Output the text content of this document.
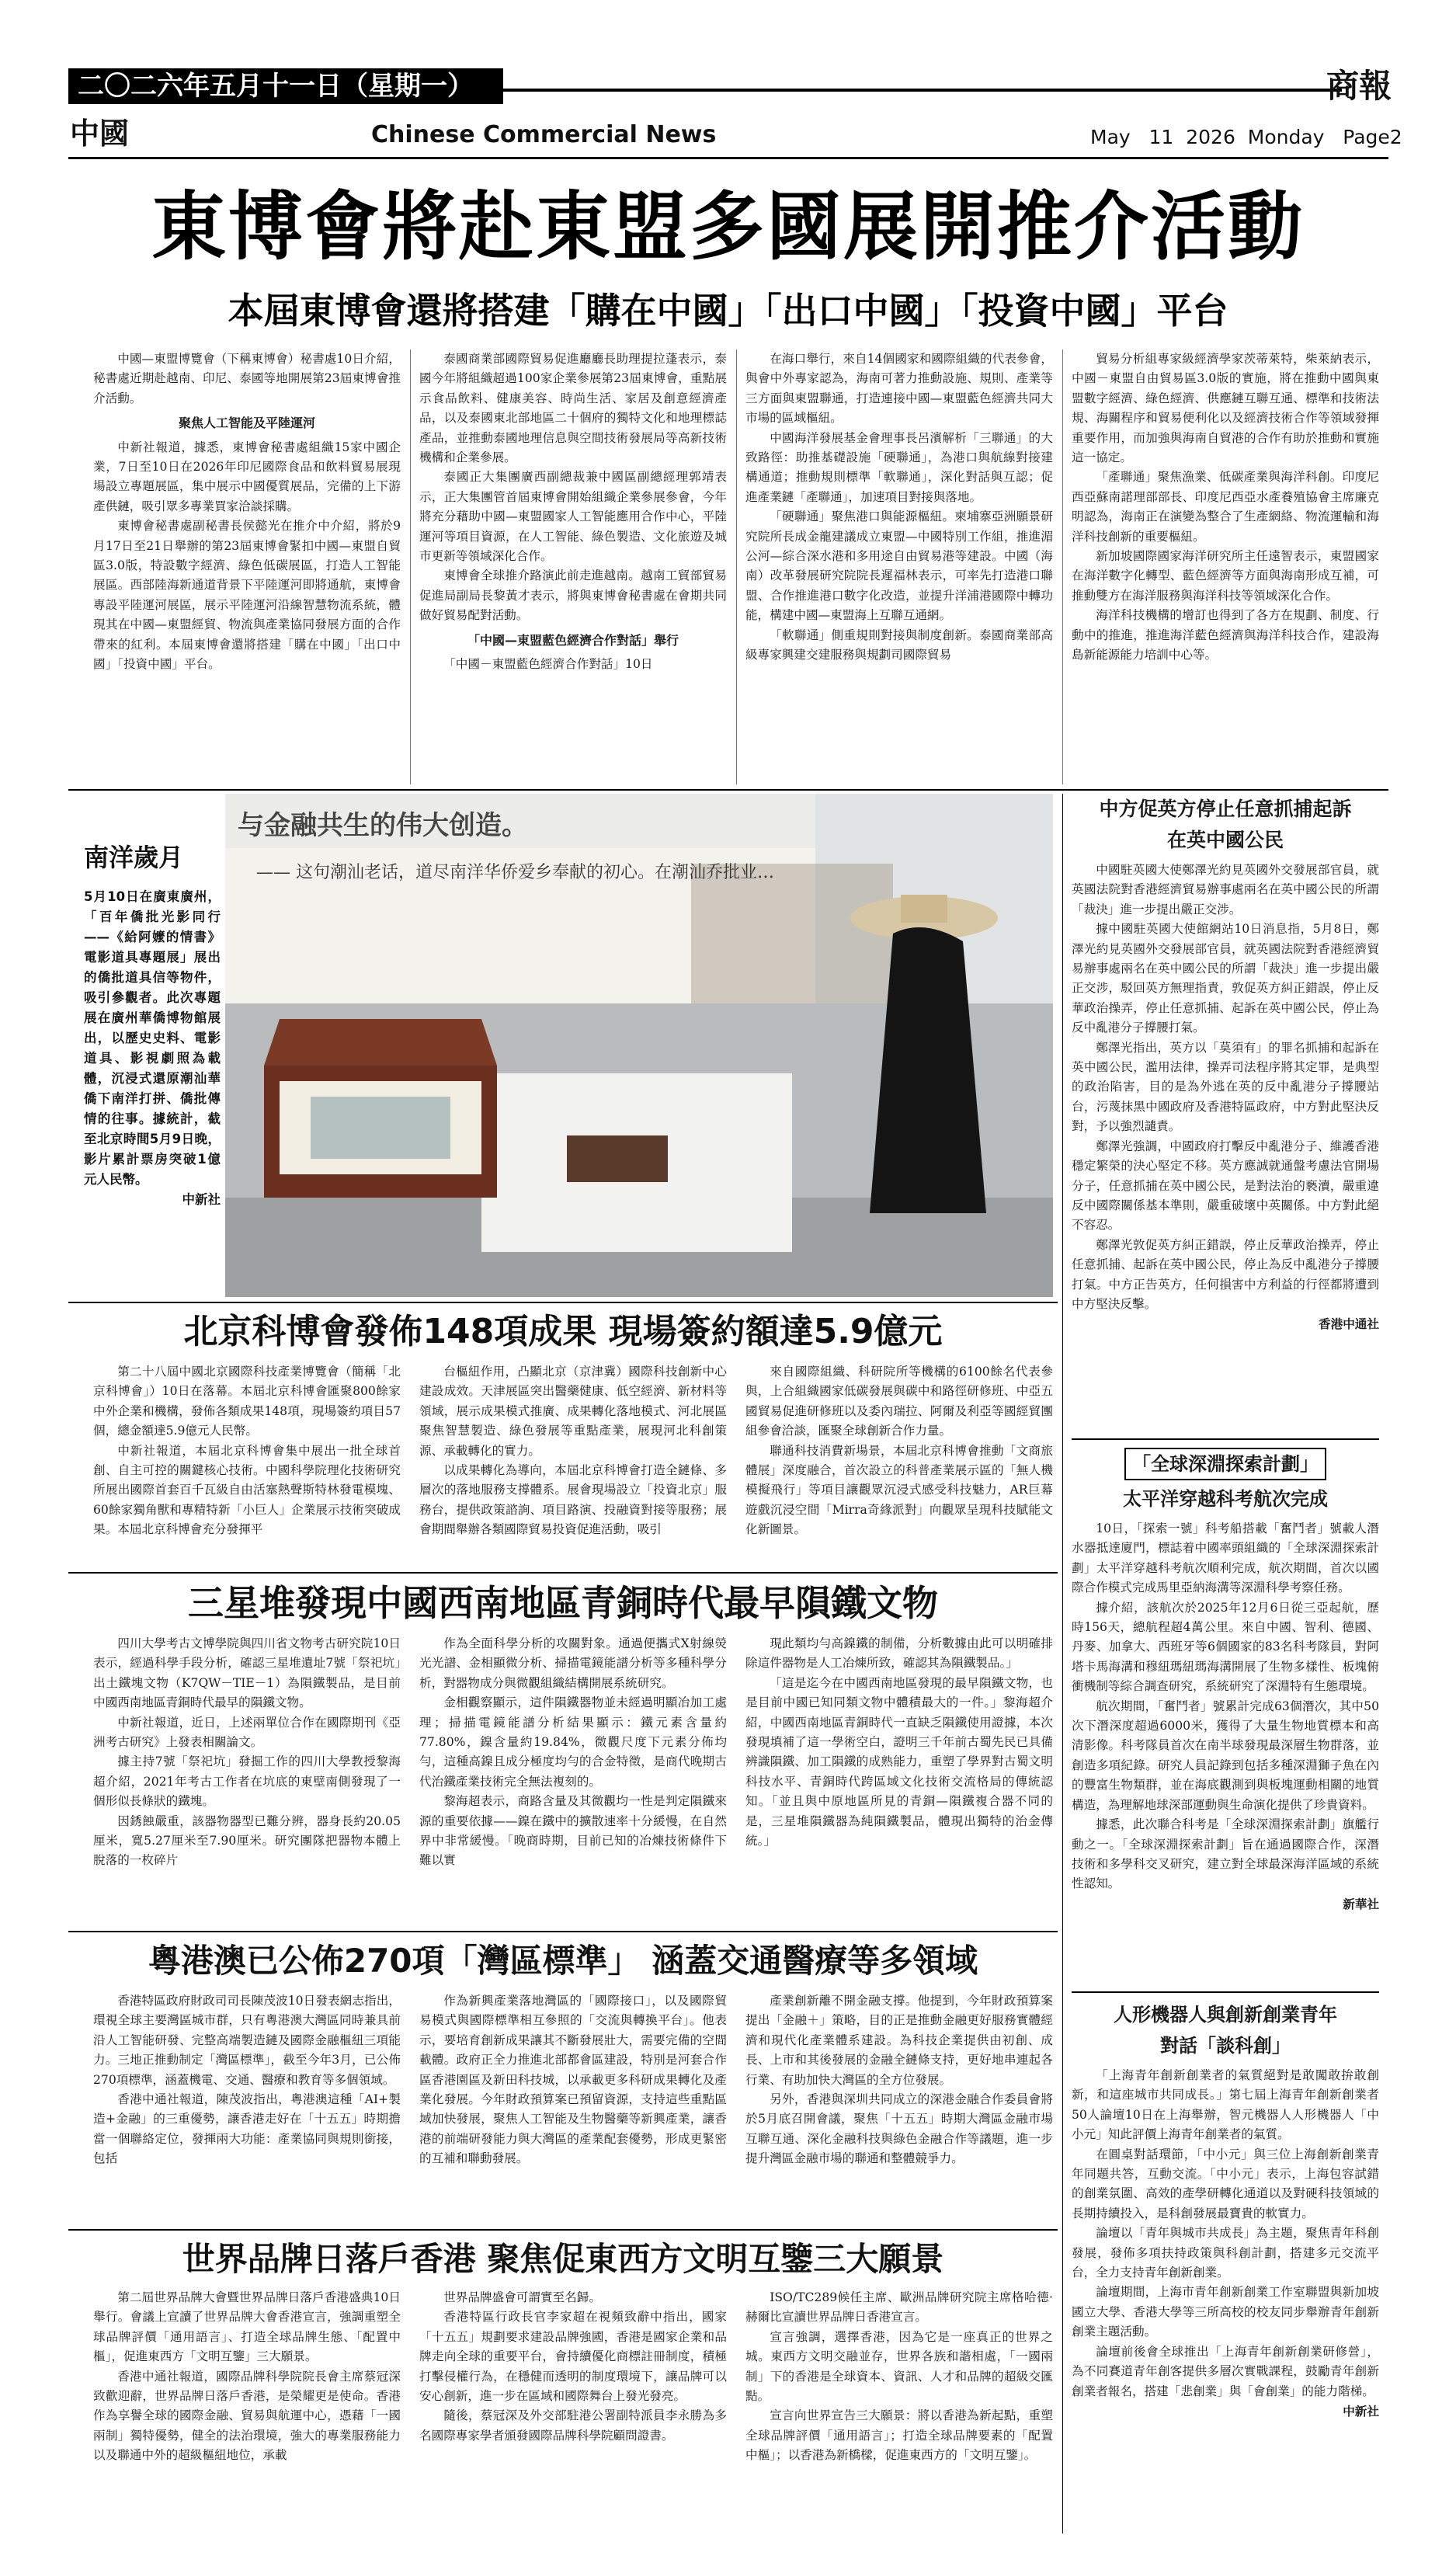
二〇二六年五月十一日（星期一）	商報
中國	Chinese Commercial News	May   11  2026  Monday   Page2
東博會將赴東盟多國展開推介活動
本屆東博會還將搭建「購在中國」「出口中國」「投資中國」平台

中國—東盟博覽會（下稱東博會）秘書處10日介紹，秘書處近期赴越南、印尼、泰國等地開展第23屆東博會推介活動。

聚焦人工智能及平陸運河

中新社報道，據悉，東博會秘書處組織15家中國企業，7日至10日在2026年印尼國際食品和飲料貿易展現場設立專題展區，集中展示中國優質展品，完備的上下游產供鏈，吸引眾多專業買家洽談採購。

東博會秘書處副秘書長侯懿光在推介中介紹，將於9月17日至21日舉辦的第23屆東博會緊扣中國—東盟自貿區3.0版，特設數字經濟、綠色低碳展區，打造人工智能展區。西部陸海新通道背景下平陸運河即將通航，東博會專設平陸運河展區，展示平陸運河沿線智慧物流系統，體現其在中國—東盟經貿、物流與產業協同發展方面的合作帶來的紅利。本屆東博會還將搭建「購在中國」「出口中國」「投資中國」平台。

泰國商業部國際貿易促進廳廳長助理提拉蓬表示，泰國今年將組織超過100家企業參展第23屆東博會，重點展示食品飲料、健康美容、時尚生活、家居及創意經濟產品，以及泰國東北部地區二十個府的獨特文化和地理標誌產品，並推動泰國地理信息與空間技術發展局等高新技術機構和企業參展。

泰國正大集團廣西副總裁兼中國區副總經理郭靖表示，正大集團管首屆東博會開始組織企業參展參會，今年將充分藉助中國—東盟國家人工智能應用合作中心，平陸運河等項目資源，在人工智能、綠色製造、文化旅遊及城市更新等領域深化合作。

東博會全球推介路演此前走進越南。越南工貿部貿易促進局副局長黎黃才表示，將與東博會秘書處在會期共同做好貿易配對活動。

「中國—東盟藍色經濟合作對話」舉行

「中國－東盟藍色經濟合作對話」10日

在海口舉行，來自14個國家和國際組織的代表參會，與會中外專家認為，海南可著力推動設施、規則、產業等三方面與東盟聯通，打造連接中國—東盟藍色經濟共同大市場的區域樞紐。

中國海洋發展基金會理事長呂濱解析「三聯通」的大致路徑：助推基礎設施「硬聯通」，為港口與航線對接建構通道；推動規則標準「軟聯通」，深化對話與互認；促進產業鏈「產聯通」，加速項目對接與落地。

「硬聯通」聚焦港口與能源樞紐。柬埔寨亞洲願景研究院所長成金龍建議成立東盟—中國特別工作組，推進湄公河—綜合深水港和多用途自由貿易港等建設。中國（海南）改革發展研究院院長遲福林表示，可率先打造港口聯盟、合作推進港口數字化改造，並提升洋浦港國際中轉功能，構建中國—東盟海上互聯互通網。

「軟聯通」側重規則對接與制度創新。泰國商業部高級專家興建交建服務與規劃司國際貿易

貿易分析組專家級經濟學家茨蒂萊特，柴萊納表示，中國－東盟自由貿易區3.0版的實施，將在推動中國與東盟數字經濟、綠色經濟、供應鏈互聯互通、標準和技術法規、海關程序和貿易便利化以及經濟技術合作等領域發揮重要作用，而加強與海南自貿港的合作有助於推動和實施這一協定。

「產聯通」聚焦漁業、低碳產業與海洋科創。印度尼西亞蘇南諾理部部長、印度尼西亞水產養殖協會主席廉克明認為，海南正在演變為整合了生產網絡、物流運輸和海洋科技創新的重要樞紐。

新加坡國際國家海洋研究所主任遠智表示，東盟國家在海洋數字化轉型、藍色經濟等方面與海南形成互補，可推動雙方在海洋服務與海洋科技等領域深化合作。

海洋科技機構的增訂也得到了各方在規劃、制度、行動中的推進，推進海洋藍色經濟與海洋科技合作，建設海島新能源能力培訓中心等。

与金融共生的伟大创造。
—— 这句潮汕老话，道尽南洋华侨爱乡奉献的初心。在潮汕乔批业…
南洋歲月
5月10日在廣東廣州，「百年僑批光影同行——《給阿嬤的情書》電影道具專題展」展出的僑批道具信等物件，吸引參觀者。此次專題展在廣州華僑博物館展出，以歷史史料、電影道具、影視劇照為載體，沉浸式還原潮汕華僑下南洋打拼、僑批傳情的往事。據統計，截至北京時間5月9日晚，影片累計票房突破1億元人民幣。
中新社
中方促英方停止任意抓捕起訴
在英中國公民

中國駐英國大使鄭澤光約見英國外交發展部官員，就英國法院對香港經濟貿易辦事處兩名在英中國公民的所謂「裁決」進一步提出嚴正交涉。

據中國駐英國大使館網站10日消息指，5月8日，鄭澤光約見英國外交發展部官員，就英國法院對香港經濟貿易辦事處兩名在英中國公民的所謂「裁決」進一步提出嚴正交涉，駁回英方無理指責，敦促英方糾正錯誤，停止反華政治操弄，停止任意抓捕、起訴在英中國公民，停止為反中亂港分子撐腰打氣。

鄭澤光指出，英方以「莫須有」的罪名抓捕和起訴在英中國公民，濫用法律，操弄司法程序將其定罪，是典型的政治陷害，目的是為外逃在英的反中亂港分子撐腰站台，污蔑抹黑中國政府及香港特區政府，中方對此堅決反對，予以強烈譴責。

鄭澤光強調，中國政府打擊反中亂港分子、維護香港穩定繁榮的決心堅定不移。英方應誠就通盤考慮法官開場分子，任意抓捕在英中國公民，是對法治的褻瀆，嚴重違反中國際關係基本準則，嚴重破壞中英關係。中方對此絕不容忍。

鄭澤光敦促英方糾正錯誤，停止反華政治操弄，停止任意抓捕、起訴在英中國公民，停止為反中亂港分子撐腰打氣。中方正告英方，任何損害中方利益的行徑都將遭到中方堅決反擊。

香港中通社

「全球深淵探索計劃」
太平洋穿越科考航次完成

10日，「探索一號」科考船搭載「奮鬥者」號載人潛水器抵達廈門，標誌着中國率頭組織的「全球深淵探索計劃」太平洋穿越科考航次順利完成，航次期間，首次以國際合作模式完成馬里亞納海溝等深淵科學考察任務。

據介紹，該航次於2025年12月6日從三亞起航，歷時156天，總航程超4萬公里。來自中國、智利、德國、丹麥、加拿大、西班牙等6個國家的83名科考隊員，對阿塔卡馬海溝和穆紐瑪紐瑪海溝開展了生物多樣性、板塊俯衝機制等綜合調查研究，系統研究了深淵特有生態環境。

航次期間，「奮鬥者」號累計完成63個潛次，其中50次下潛深度超過6000米，獲得了大量生物地質標本和高清影像。科考隊員首次在南半球發現最深層生物群落，並創造多項紀錄。研究人員記錄到包括多種深淵獅子魚在內的豐富生物類群，並在海底觀測到與板塊運動相關的地質構造，為理解地球深部運動與生命演化提供了珍貴資料。

據悉，此次聯合科考是「全球深淵探索計劃」旗艦行動之一。「全球深淵探索計劃」旨在通過國際合作，深潛技術和多學科交叉研究，建立對全球最深海洋區域的系統性認知。

新華社

人形機器人與創新創業青年
對話「談科創」

「上海青年創新創業者的氣質絕對是敢闖敢拚敢創新，和這座城市共同成長。」第七屆上海青年創新創業者50人論壇10日在上海舉辦，智元機器人人形機器人「中小元」知此評價上海青年創業者的氣質。

在圓桌對話環節，「中小元」與三位上海創新創業青年同題共答，互動交流。「中小元」表示，上海包容試錯的創業氛圍、高效的產學研轉化通道以及對硬科技領域的長期持續投入，是科創發展最寶貴的軟實力。

論壇以「青年與城市共成長」為主題，聚焦青年科創發展，發佈多項扶持政策與科創計劃，搭建多元交流平台，全力支持青年創新創業。

論壇期間，上海市青年創新創業工作室聯盟與新加坡國立大學、香港大學等三所高校的校友同步舉辦青年創新創業主題活動。

論壇前後會全球推出「上海青年創新創業研修營」，為不同賽道青年創客提供多層次實戰課程，鼓勵青年創新創業者報名，搭建「悲創業」與「會創業」的能力階梯。

中新社

北京科博會發佈148項成果 現場簽約額達5.9億元

第二十八屆中國北京國際科技產業博覽會（簡稱「北京科博會」）10日在落幕。本屆北京科博會匯聚800餘家中外企業和機構，發佈各類成果148項，現場簽約項目57個，總金額達5.9億元人民幣。

中新社報道，本屆北京科博會集中展出一批全球首創、自主可控的關鍵核心技術。中國科學院理化技術研究所展出國際首套百千瓦級自由活塞熱聲斯特林發電模塊、60餘家獨角獸和專精特新「小巨人」企業展示技術突破成果。本屆北京科博會充分發揮平

台樞紐作用，凸顯北京（京津冀）國際科技創新中心建設成效。天津展區突出醫藥健康、低空經濟、新材料等領域，展示成果模式推廣、成果轉化落地模式、河北展區聚焦智慧製造、綠色發展等重點產業，展現河北科創策源、承載轉化的實力。

以成果轉化為導向，本屆北京科博會打造全鏈條、多層次的落地服務支撐體系。展會現場設立「投資北京」服務台，提供政策諮詢、項目路演、投融資對接等服務；展會期間舉辦各類國際貿易投資促進活動，吸引

來自國際組織、科研院所等機構的6100餘名代表參與，上合組織國家低碳發展與碳中和路徑研修班、中亞五國貿易促進研修班以及委內瑞拉、阿爾及利亞等國經貿團組參會洽談，匯聚全球創新合作力量。

聯通科技消費新場景，本屆北京科博會推動「文商旅體展」深度融合，首次設立的科普產業展示區的「無人機模擬飛行」等項目讓觀眾沉浸式感受科技魅力，AR巨幕遊戲沉浸空間「Mirra奇緣派對」向觀眾呈現科技賦能文化新圖景。

三星堆發現中國西南地區青銅時代最早隕鐵文物

四川大學考古文博學院與四川省文物考古研究院10日表示，經過科學手段分析，確認三星堆遺址7號「祭祀坑」出土鐵塊文物（K7QW－TIE－1）為隕鐵製品，是目前中國西南地區青銅時代最早的隕鐵文物。

中新社報道，近日，上述兩單位合作在國際期刊《亞洲考古研究》上發表相關論文。

據主持7號「祭祀坑」發掘工作的四川大學教授黎海超介紹，2021年考古工作者在坑底的東壁南側發現了一個形似長條狀的鐵塊。

因銹蝕嚴重，該器物器型已難分辨，器身長約20.05厘米，寬5.27厘米至7.90厘米。研究團隊把器物本體上脫落的一枚碎片

作為全面科學分析的攻關對象。通過便攜式X射線熒光光譜、金相顯微分析、掃描電鏡能譜分析等多種科學分析，對器物成分與微觀組織結構開展系統研究。

金相觀察顯示，這件隕鐵器物並未經過明顯冶加工處理；掃描電鏡能譜分析結果顯示：鐵元素含量約77.80%，鎳含量約19.84%，微觀尺度下元素分佈均勻，這種高鎳且成分極度均勻的合金特徵，是商代晚期古代治鐵產業技術完全無法複刻的。

黎海超表示，商路含量及其微觀均一性是判定隕鐵來源的重要依據——鎳在鐵中的擴散速率十分緩慢，在自然界中非常緩慢。「晚商時期，目前已知的冶煉技術條件下難以實

現此類均勻高鎳鐵的制備，分析數據由此可以明確排除這件器物是人工冶煉所致，確認其為隕鐵製品。」

「這是迄今在中國西南地區發現的最早隕鐵文物，也是目前中國已知同類文物中體積最大的一件。」黎海超介紹，中國西南地區青銅時代一直缺乏隕鐵使用證據，本次發現填補了這一學術空白，證明三千年前古蜀先民已具備辨識隕鐵、加工隕鐵的成熟能力，重塑了學界對古蜀文明科技水平、青銅時代跨區域文化技術交流格局的傳統認知。「並且與中原地區所見的青銅—隕鐵複合器不同的是，三星堆隕鐵器為純隕鐵製品，體現出獨特的治金傳統。」

粵港澳已公佈270項「灣區標準」 涵蓋交通醫療等多領域

香港特區政府財政司司長陳茂波10日發表網志指出，環視全球主要灣區城市群，只有粵港澳大灣區同時兼具前沿人工智能研發、完整高端製造鏈及國際金融樞紐三項能力。三地正推動制定「灣區標準」，截至今年3月，已公佈270項標準，涵蓋機電、交通、醫療和教育等多個領域。

香港中通社報道，陳茂波指出，粵港澳這種「AI+製造+金融」的三重優勢，讓香港走好在「十五五」時期擔當一個聯絡定位，發揮兩大功能：產業協同與規則銜接，包括

作為新興產業落地灣區的「國際接口」，以及國際貿易模式與國際標準相互參照的「交流與轉換平台」。他表示，要培育創新成果讓其不斷發展壯大，需要完備的空間載體。政府正全力推進北部都會區建設，特別是河套合作區香港園區及新田科技城，以承載更多科研成果轉化及產業化發展。今年財政預算案已預留資源，支持這些重點區域加快發展，聚焦人工智能及生物醫藥等新興產業，讓香港的前端研發能力與大灣區的產業配套優勢，形成更緊密的互補和聯動發展。

產業創新離不開金融支撐。他提到，今年財政預算案提出「金融＋」策略，目的正是推動金融更好服務實體經濟和現代化產業體系建設。為科技企業提供由初創、成長、上市和其後發展的金融全鏈條支持，更好地串連起各行業、有助加快大灣區的全方位發展。

另外，香港與深圳共同成立的深港金融合作委員會將於5月底召開會議，聚焦「十五五」時期大灣區金融市場互聯互通、深化金融科技與綠色金融合作等議題，進一步提升灣區金融市場的聯通和整體競爭力。

世界品牌日落戶香港 聚焦促東西方文明互鑒三大願景

第二屆世界品牌大會暨世界品牌日落戶香港盛典10日舉行。會議上宣讀了世界品牌大會香港宣言，強調重塑全球品牌評價「通用語言」、打造全球品牌生態、「配置中樞」，促進東西方「文明互鑒」三大願景。

香港中通社報道，國際品牌科學院院長會主席蔡冠深致歡迎辭，世界品牌日落戶香港，是榮耀更是使命。香港作為享譽全球的國際金融、貿易與航運中心，憑藉「一國兩制」獨特優勢，健全的法治環境，強大的專業服務能力以及聯通中外的超級樞紐地位，承載

世界品牌盛會可謂實至名歸。

香港特區行政長官李家超在視頻致辭中指出，國家「十五五」規劃要求建設品牌強國，香港是國家企業和品牌走向全球的重要平台，會持續優化商標註冊制度，積極打擊侵權行為，在穩健而透明的制度環境下，讓品牌可以安心創新，進一步在區域和國際舞台上發光發亮。

隨後，蔡冠深及外交部駐港公署副特派員李永勝為多名國際專家學者頒發國際品牌科學院顧問證書。

ISO/TC289候任主席、歐洲品牌研究院主席格哈德·赫爾比宣讀世界品牌日香港宣言。

宣言強調，選擇香港，因為它是一座真正的世界之城。東西方文明交融並存，世界各族和諧相處，「一國兩制」下的香港是全球資本、資訊、人才和品牌的超級交匯點。

宣言向世界宣告三大願景：將以香港為新起點，重塑全球品牌評價「通用語言」；打造全球品牌要素的「配置中樞」；以香港為新橋樑，促進東西方的「文明互鑒」。
